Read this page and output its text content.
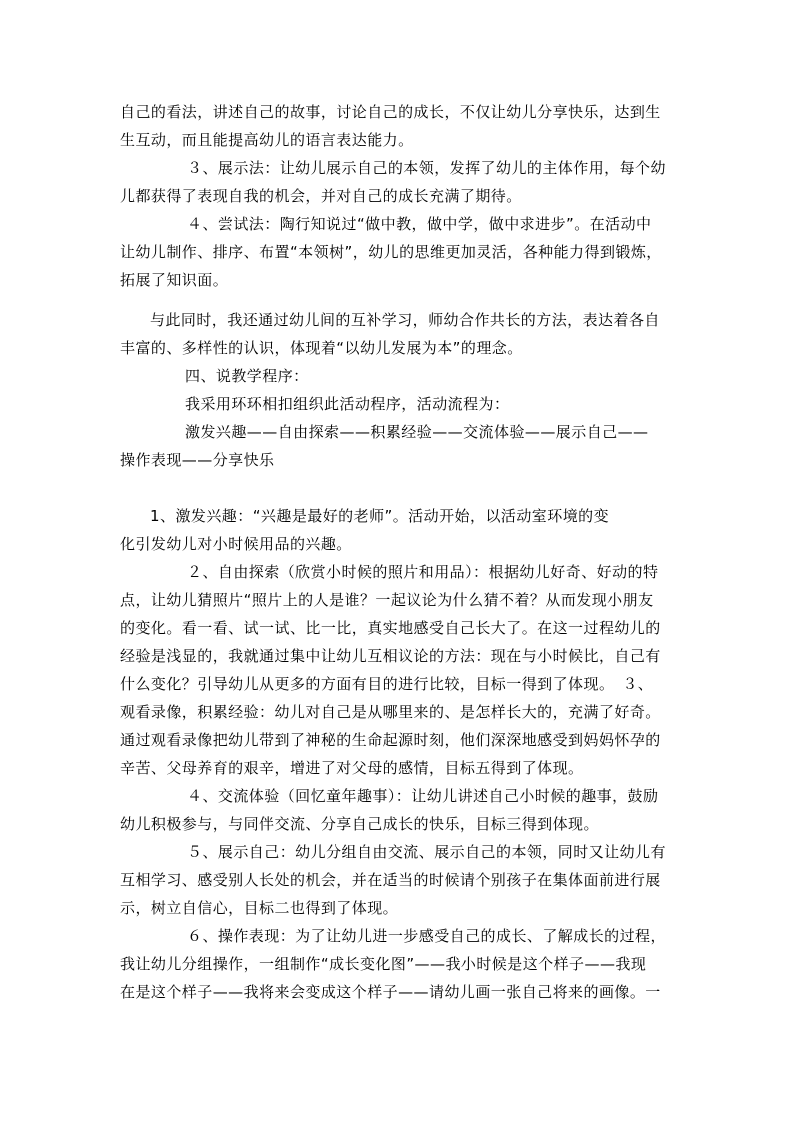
自己的看法，讲述自己的故事，讨论自己的成长，不仅让幼儿分享快乐，达到生
生互动，而且能提高幼儿的语言表达能力。
３、展示法：让幼儿展示自己的本领，发挥了幼儿的主体作用，每个幼
儿都获得了表现自我的机会，并对自己的成长充满了期待。
４、尝试法：陶行知说过“做中教，做中学，做中求进步”。在活动中
让幼儿制作、排序、布置“本领树”，幼儿的思维更加灵活，各种能力得到锻炼，
拓展了知识面。
与此同时，我还通过幼儿间的互补学习，师幼合作共长的方法，表达着各自
丰富的、多样性的认识，体现着“以幼儿发展为本”的理念。
四、说教学程序：
我采用环环相扣组织此活动程序，活动流程为：
激发兴趣——自由探索——积累经验——交流体验——展示自己——
操作表现——分享快乐
1、激发兴趣：“兴趣是最好的老师”。活动开始，以活动室环境的变
化引发幼儿对小时候用品的兴趣。
２、自由探索（欣赏小时候的照片和用品）：根据幼儿好奇、好动的特
点，让幼儿猜照片“照片上的人是谁？一起议论为什么猜不着？从而发现小朋友
的变化。看一看、试一试、比一比，真实地感受自己长大了。在这一过程幼儿的
经验是浅显的，我就通过集中让幼儿互相议论的方法：现在与小时候比，自己有
什么变化？引导幼儿从更多的方面有目的进行比较，目标一得到了体现。　３、
观看录像，积累经验：幼儿对自己是从哪里来的、是怎样长大的，充满了好奇。
通过观看录像把幼儿带到了神秘的生命起源时刻，他们深深地感受到妈妈怀孕的
辛苦、父母养育的艰辛，增进了对父母的感情，目标五得到了体现。
４、交流体验（回忆童年趣事）：让幼儿讲述自己小时候的趣事，鼓励
幼儿积极参与，与同伴交流、分享自己成长的快乐，目标三得到体现。
５、展示自己：幼儿分组自由交流、展示自己的本领，同时又让幼儿有
互相学习、感受别人长处的机会，并在适当的时候请个别孩子在集体面前进行展
示，树立自信心，目标二也得到了体现。
６、操作表现：为了让幼儿进一步感受自己的成长、了解成长的过程，
我让幼儿分组操作，一组制作“成长变化图”——我小时候是这个样子——我现
在是这个样子——我将来会变成这个样子——请幼儿画一张自己将来的画像。一
